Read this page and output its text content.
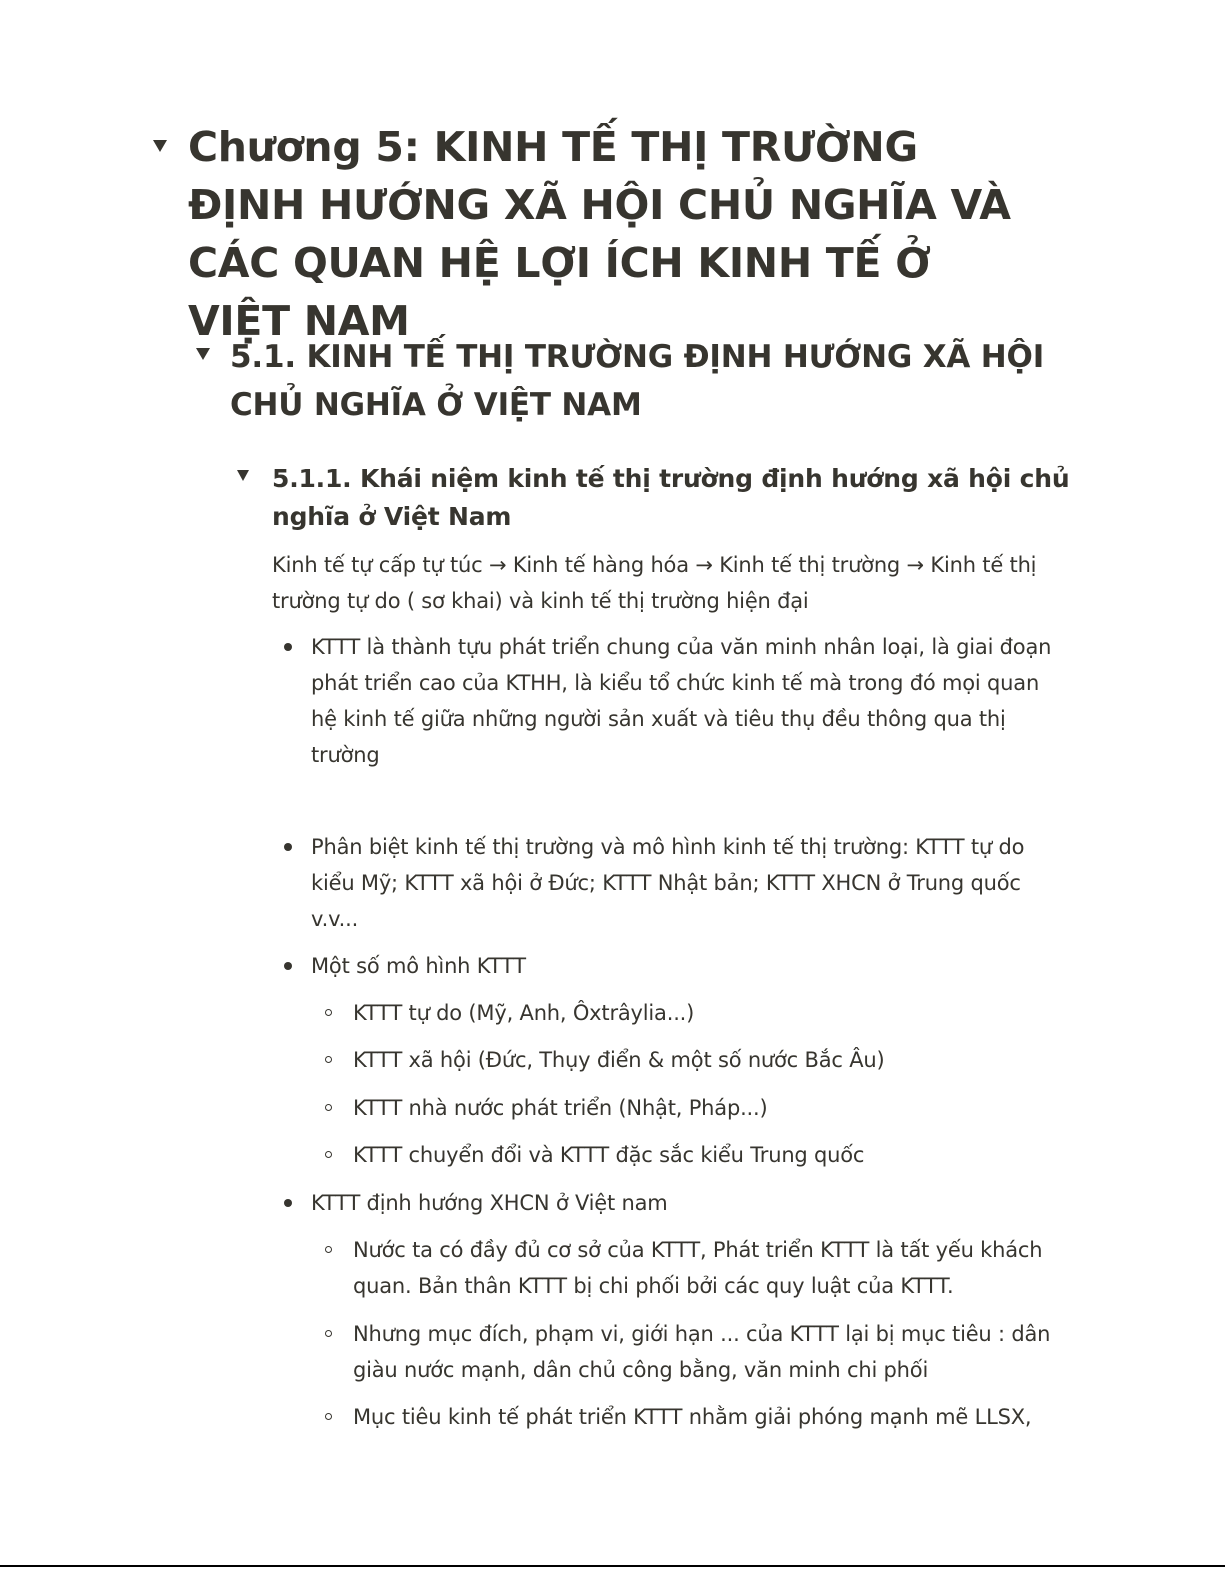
Chương 5: KINH TẾ THỊ TRƯỜNG ĐỊNH HƯỚNG XÃ HỘI CHỦ NGHĨA VÀ CÁC QUAN HỆ LỢI ÍCH KINH TẾ Ở VIỆT NAM
5.1. KINH TẾ THỊ TRƯỜNG ĐỊNH HƯỚNG XÃ HỘI CHỦ NGHĨA Ở VIỆT NAM
5.1.1. Khái niệm kinh tế thị trường định hướng xã hội chủ nghĩa ở Việt Nam
Kinh tế tự cấp tự túc → Kinh tế hàng hóa → Kinh tế thị trường → Kinh tế thị trường tự do ( sơ khai) và kinh tế thị trường hiện đại
KTTT là thành tựu phát triển chung của văn minh nhân loại, là giai đoạn phát triển cao của KTHH, là kiểu tổ chức kinh tế mà trong đó mọi quan hệ kinh tế giữa những người sản xuất và tiêu thụ đều thông qua thị trường
Phân biệt kinh tế thị trường và mô hình kinh tế thị trường: KTTT tự do kiểu Mỹ; KTTT xã hội ở Đức; KTTT Nhật bản; KTTT XHCN ở Trung quốc v.v...
Một số mô hình KTTT
KTTT tự do (Mỹ, Anh, Ôxtrâylia...)
KTTT xã hội (Đức, Thụy điển & một số nước Bắc Âu)
KTTT nhà nước phát triển (Nhật, Pháp...)
KTTT chuyển đổi và KTTT đặc sắc kiểu Trung quốc
KTTT định hướng XHCN ở Việt nam
Nước ta có đầy đủ cơ sở của KTTT, Phát triển KTTT là tất yếu khách quan. Bản thân KTTT bị chi phối bởi các quy luật của KTTT.
Nhưng mục đích, phạm vi, giới hạn ... của KTTT lại bị mục tiêu : dân giàu nước mạnh, dân chủ công bằng, văn minh chi phối
Mục tiêu kinh tế phát triển KTTT nhằm giải phóng mạnh mẽ LLSX,
